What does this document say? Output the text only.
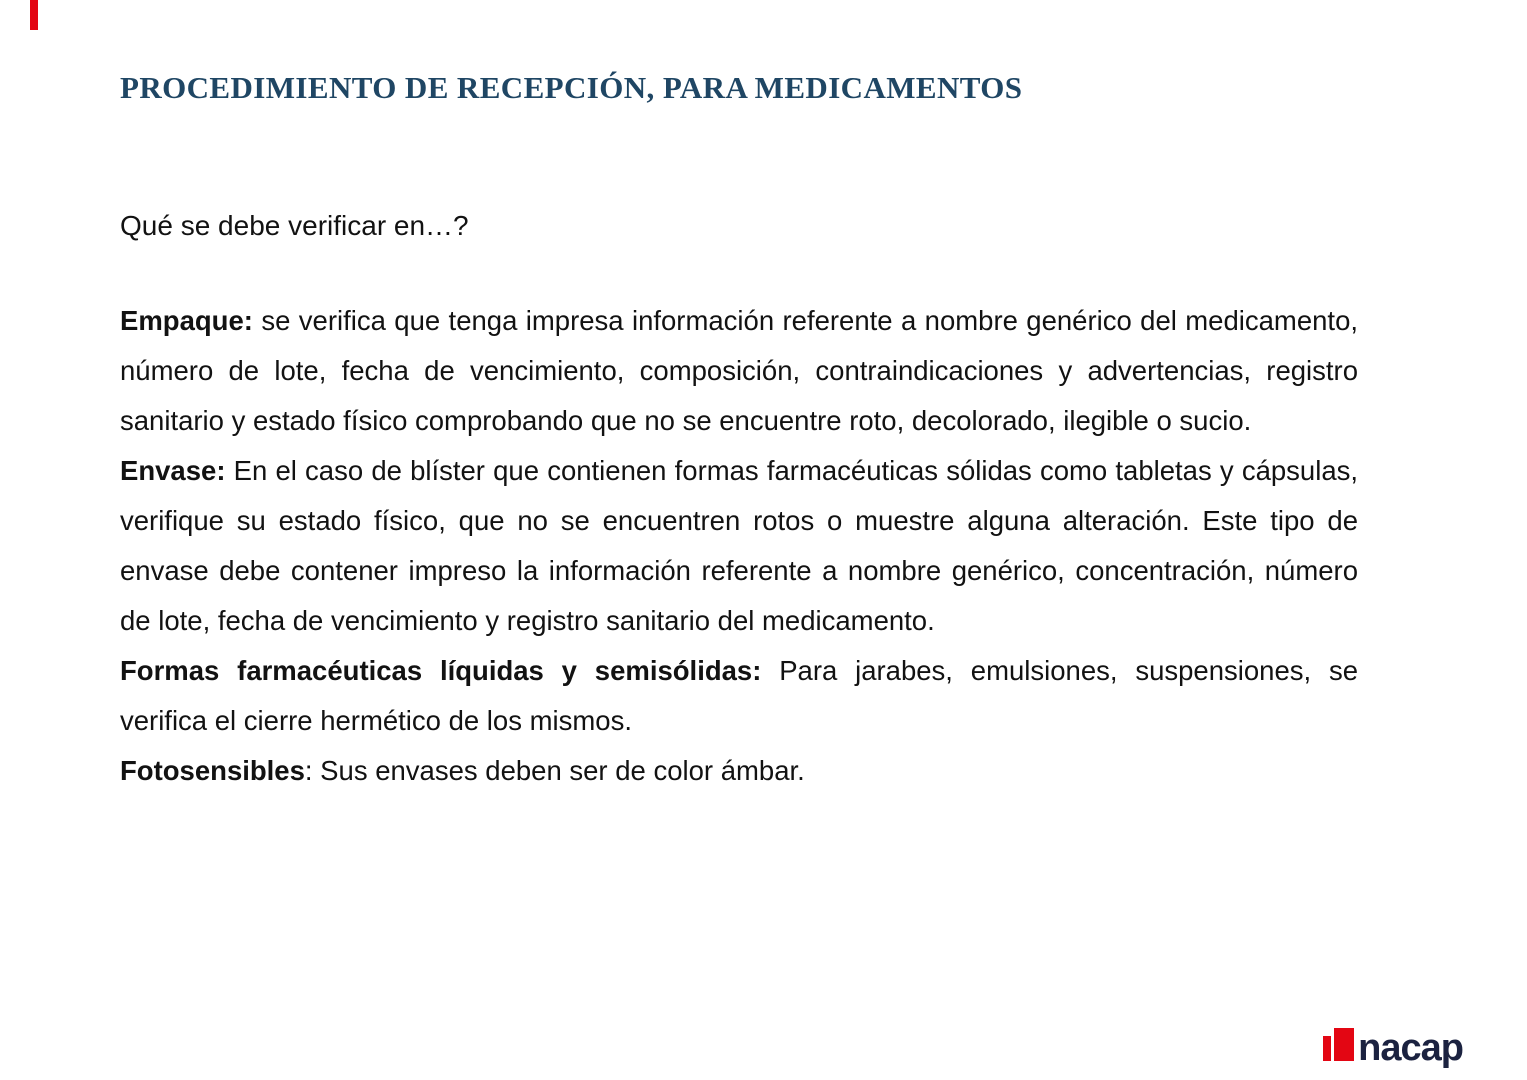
PROCEDIMIENTO DE RECEPCIÓN, PARA MEDICAMENTOS

Qué se debe verificar en…?

Empaque: se verifica que tenga impresa información referente a nombre genérico del medicamento, número de lote, fecha de vencimiento, composición, contraindicaciones y advertencias, registro sanitario y estado físico comprobando que no se encuentre roto, decolorado, ilegible o sucio.

Envase: En el caso de blíster que contienen formas farmacéuticas sólidas como tabletas y cápsulas, verifique su estado físico, que no se encuentren rotos o muestre alguna alteración. Este tipo de envase debe contener impreso la información referente a nombre genérico, concentración, número de lote, fecha de vencimiento y registro sanitario del medicamento.

Formas farmacéuticas líquidas y semisólidas: Para jarabes, emulsiones, suspensiones, se verifica el cierre hermético de los mismos.

Fotosensibles: Sus envases deben ser de color ámbar.

nacap
